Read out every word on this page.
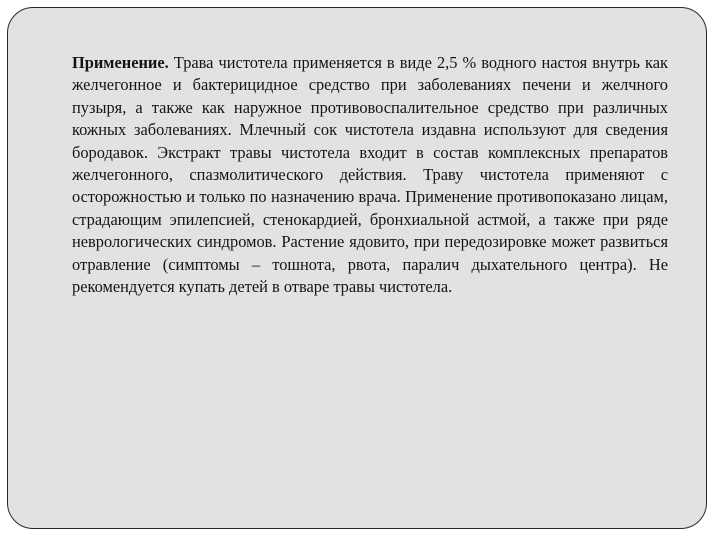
Применение. Трава чистотела применяется в виде 2,5 % водного настоя внутрь как желчегонное и бактерицидное средство при заболеваниях печени и желчного пузыря, а также как наружное противовоспалительное средство при различных кожных заболеваниях. Млечный сок чистотела издавна используют для сведения бородавок. Экстракт травы чистотела входит в состав комплексных препаратов желчегонного, спазмолитического действия. Траву чистотела применяют с осторожностью и только по назначению врача. Применение противопоказано лицам, страдающим эпилепсией, стенокардией, бронхиальной астмой, а также при ряде неврологических синдромов. Растение ядовито, при передозировке может развиться отравление (симптомы – тошнота, рвота, паралич дыхательного центра). Не рекомендуется купать детей в отваре травы чистотела.
